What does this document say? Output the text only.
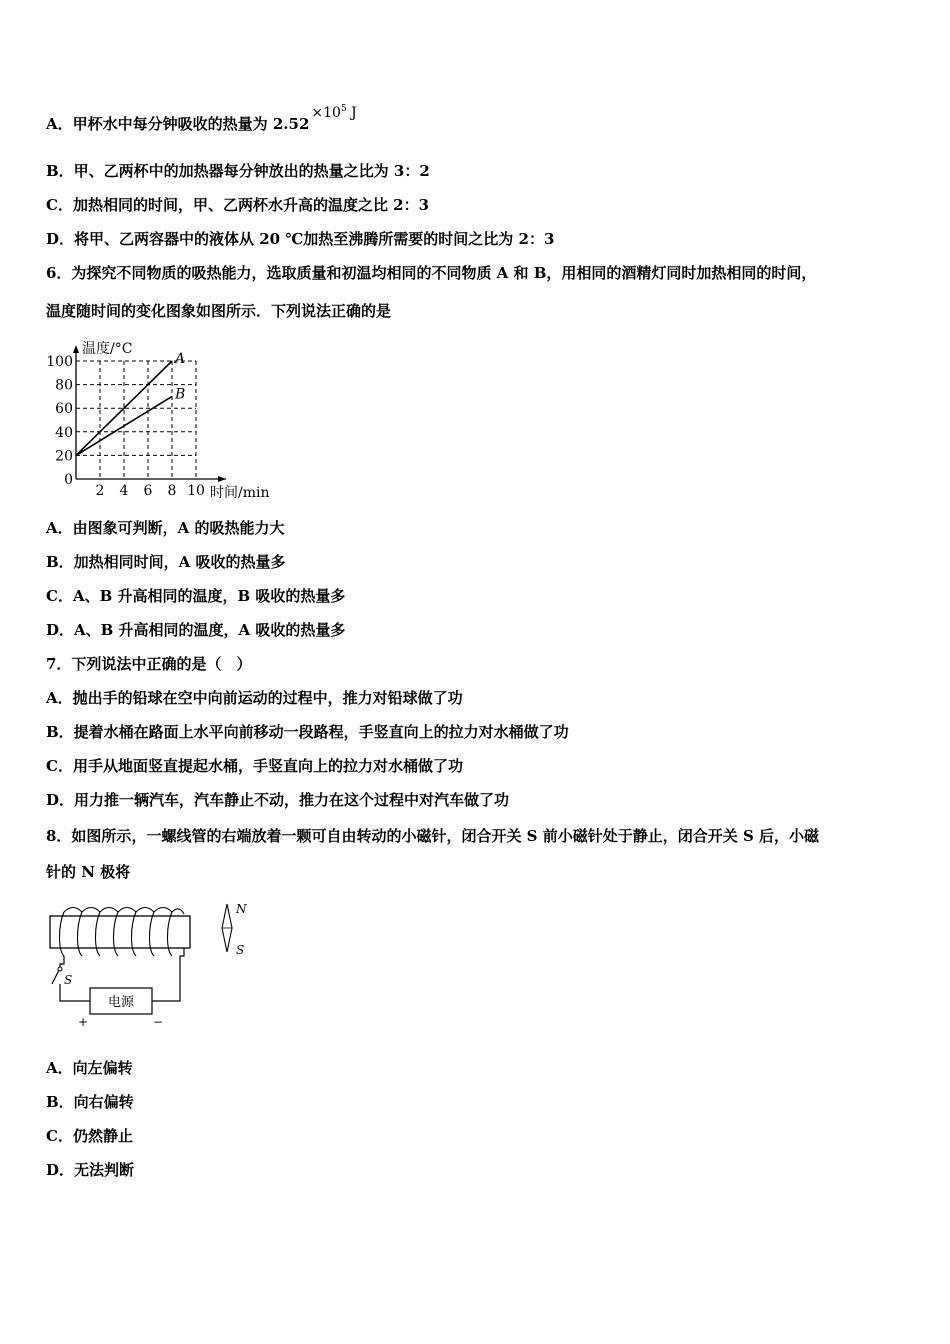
A．甲杯水中每分钟吸收的热量为 $2.52\times 10^5$ J
B．甲、乙两杯中的加热器每分钟放出的热量之比为 3：2
C．加热相同的时间，甲、乙两杯水升高的温度之比 2：3
D．将甲、乙两容器中的液体从 20 ℃加热至沸腾所需要的时间之比为 2：3
6．为探究不同物质的吸热能力，选取质量和初温均相同的不同物质 A 和 B，用相同的酒精灯同时加热相同的时间，
温度随时间的变化图象如图所示．下列说法正确的是
0
20
40
60
80
100
2 4 6 8 10
温度/°C
时间/min
A
B
A．由图象可判断，A 的吸热能力大
B．加热相同时间，A 吸收的热量多
C．A、B 升高相同的温度，B 吸收的热量多
D．A、B 升高相同的温度，A 吸收的热量多
7．下列说法中正确的是（　）
A．抛出手的铅球在空中向前运动的过程中，推力对铅球做了功
B．提着水桶在路面上水平向前移动一段路程，手竖直向上的拉力对水桶做了功
C．用手从地面竖直提起水桶，手竖直向上的拉力对水桶做了功
D．用力推一辆汽车，汽车静止不动，推力在这个过程中对汽车做了功
8．如图所示，一螺线管的右端放着一颗可自由转动的小磁针，闭合开关 S 前小磁针处于静止，闭合开关 S 后，小磁
针的 N 极将
S
电源
+	−
N
S
A．向左偏转
B．向右偏转
C．仍然静止
D．无法判断
